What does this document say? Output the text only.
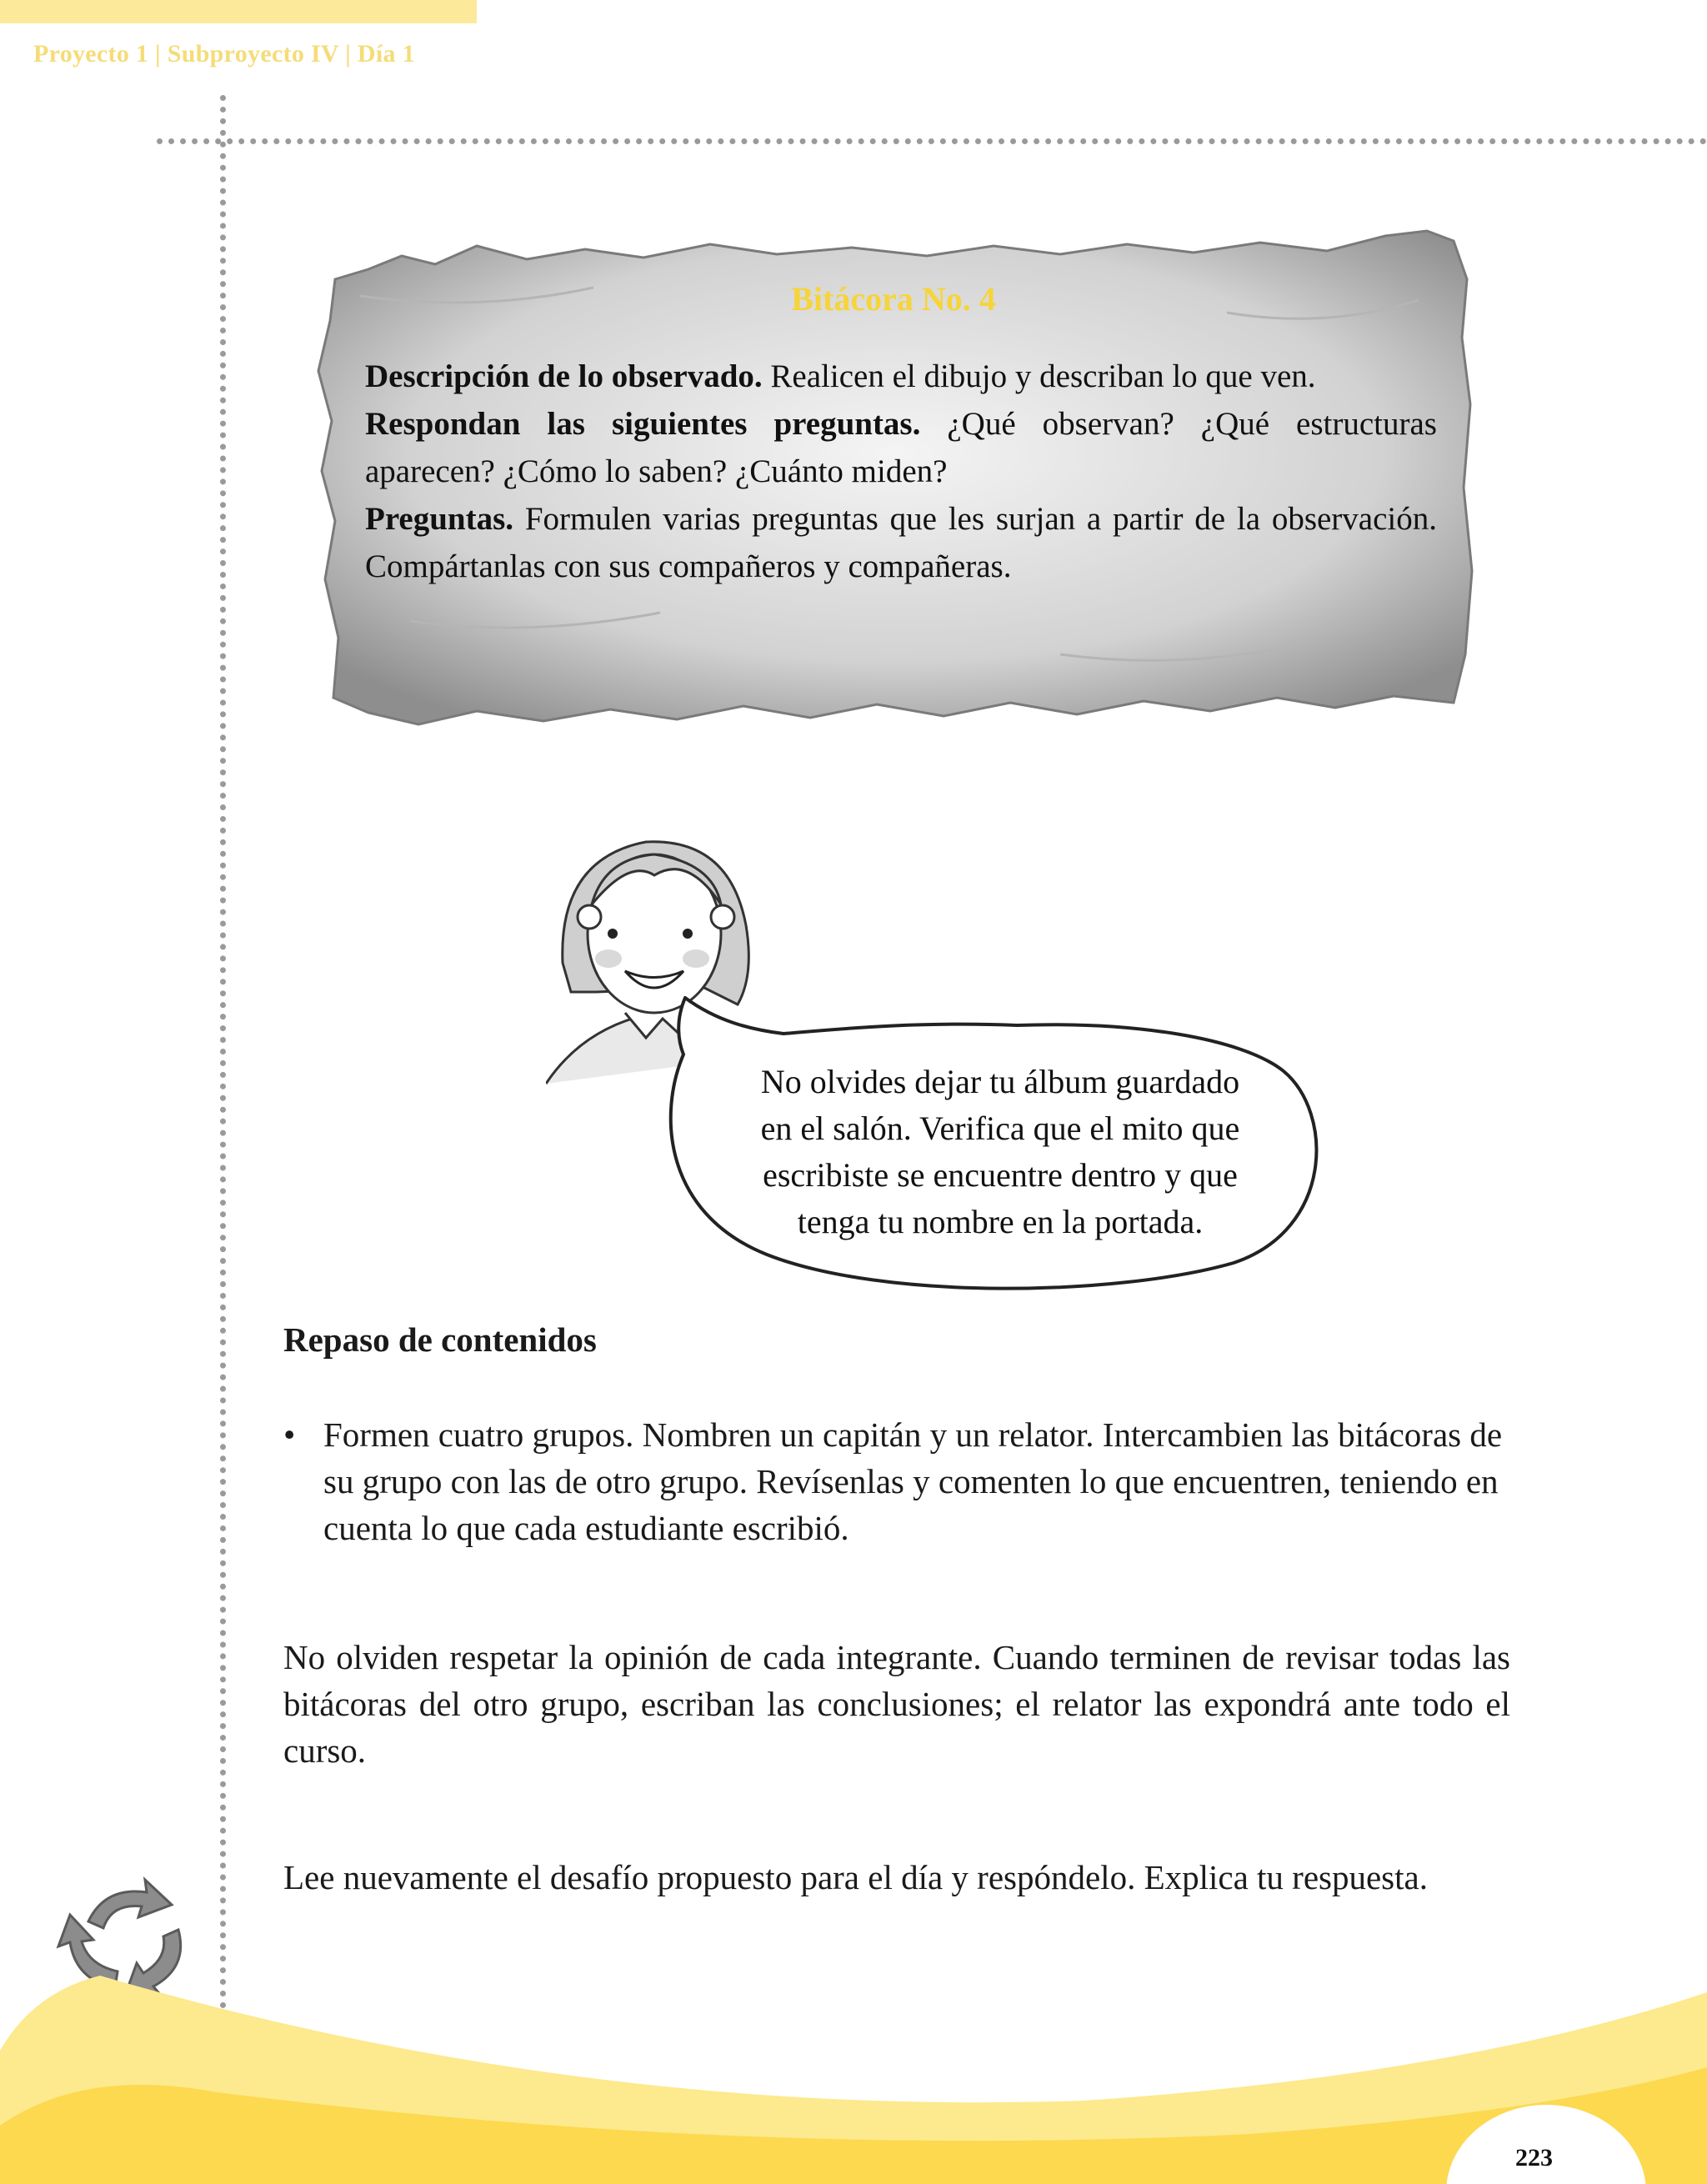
Proyecto 1 | Subproyecto IV | Día 1
Bitácora No. 4

Descripción de lo observado. Realicen el dibujo y describan lo que ven.

Respondan las siguientes preguntas. ¿Qué observan? ¿Qué estructuras aparecen? ¿Cómo lo saben? ¿Cuánto miden?

Preguntas. Formulen varias preguntas que les surjan a partir de la observación. Compártanlas con sus compañeros y compañeras.

No olvides dejar tu álbum guardado
en el salón. Verifica que el mito que
escribiste se encuentre dentro y que
tenga tu nombre en la portada.
Repaso de contenidos
• Formen cuatro grupos. Nombren un capitán y un relator. Intercambien las bitácoras de su grupo con las de otro grupo. Revísenlas y comenten lo que encuentren, teniendo en cuenta lo que cada estudiante escribió.

No olviden respetar la opinión de cada integrante. Cuando terminen de revisar todas las bitácoras del otro grupo, escriban las conclusiones; el relator las expondrá ante todo el curso.

Lee nuevamente el desafío propuesto para el día y respóndelo. Explica tu respuesta.

223
